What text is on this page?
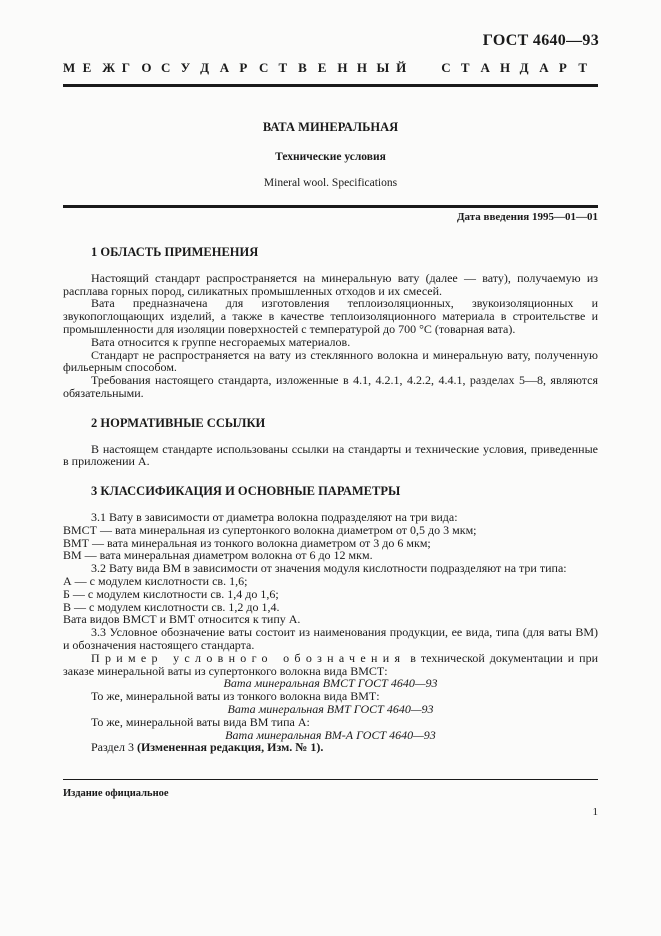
ГОСТ 4640—93
М Е Ж Г О С У Д А Р С Т В Е Н Н Ы Й	С Т А Н Д А Р Т
ВАТА МИНЕРАЛЬНАЯ
Технические условия
Mineral wool. Specifications
Дата введения 1995—01—01
1 ОБЛАСТЬ ПРИМЕНЕНИЯ

Настоящий стандарт распространяется на минеральную вату (далее — вату), получаемую из расплава горных пород, силикатных промышленных отходов и их смесей.

Вата предназначена для изготовления теплоизоляционных, звукоизоляционных и звукопоглощающих изделий, а также в качестве теплоизоляционного материала в строительстве и промышленности для изоляции поверхностей с температурой до 700 °С (товарная вата).

Вата относится к группе несгораемых материалов.

Стандарт не распространяется на вату из стеклянного волокна и минеральную вату, полученную фильерным способом.

Требования настоящего стандарта, изложенные в 4.1, 4.2.1, 4.2.2, 4.4.1, разделах 5—8, являются обязательными.

2 НОРМАТИВНЫЕ ССЫЛКИ

В настоящем стандарте использованы ссылки на стандарты и технические условия, приведенные в приложении А.

3 КЛАССИФИКАЦИЯ И ОСНОВНЫЕ ПАРАМЕТРЫ

3.1 Вату в зависимости от диаметра волокна подразделяют на три вида:

ВМСТ — вата минеральная из супертонкого волокна диаметром от 0,5 до 3 мкм;

ВМТ — вата минеральная из тонкого волокна диаметром от 3 до 6 мкм;

ВМ — вата минеральная диаметром волокна от 6 до 12 мкм.

3.2 Вату вида ВМ в зависимости от значения модуля кислотности подразделяют на три типа:

А — с модулем кислотности св. 1,6;

Б — с модулем кислотности св. 1,4 до 1,6;

В — с модулем кислотности св. 1,2 до 1,4.

Вата видов ВМСТ и ВМТ относится к типу А.

3.3 Условное обозначение ваты состоит из наименования продукции, ее вида, типа (для ваты ВМ) и обозначения настоящего стандарта.

Пример условного обозначения в технической документации и при заказе минеральной ваты из супертонкого волокна вида ВМСТ:

Вата минеральная ВМСТ ГОСТ 4640—93

То же, минеральной ваты из тонкого волокна вида ВМТ:

Вата минеральная ВМТ ГОСТ 4640—93

То же, минеральной ваты вида ВМ типа А:

Вата минеральная ВМ-А ГОСТ 4640—93

Раздел 3 (Измененная редакция, Изм. № 1).

Издание официальное
1
